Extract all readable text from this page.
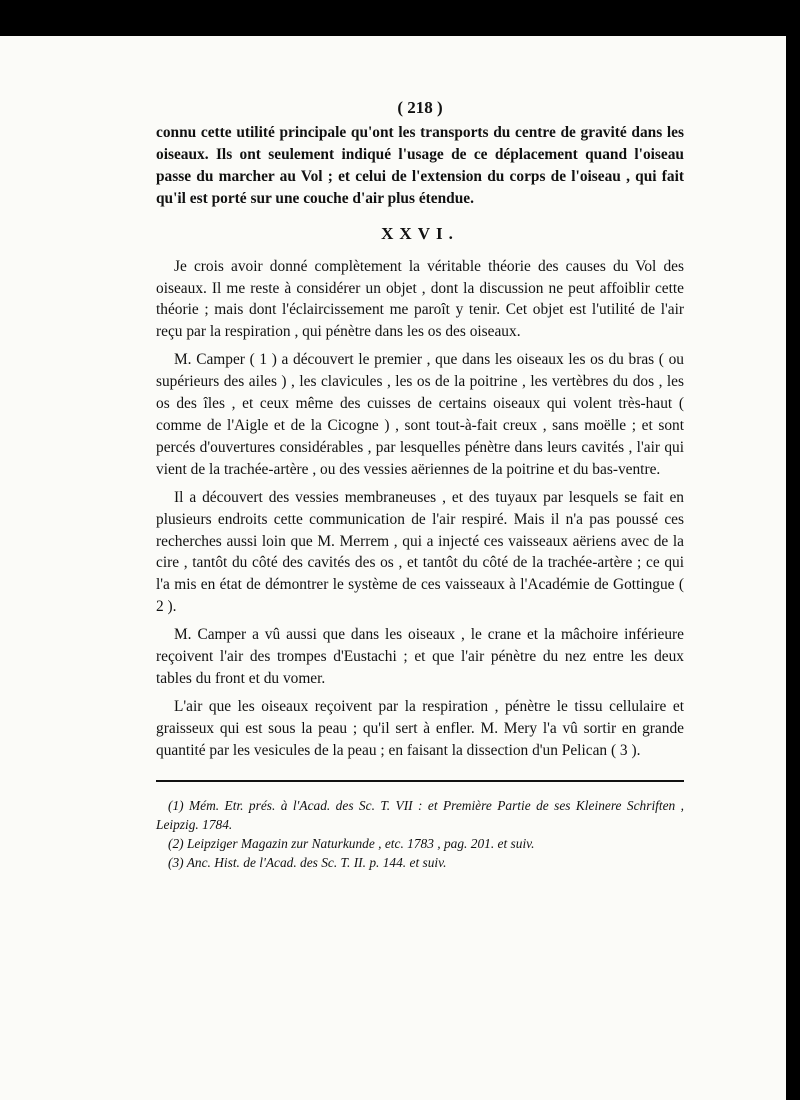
( 218 )

connu cette utilité principale qu'ont les transports du centre de gravité dans les oiseaux. Ils ont seulement indiqué l'usage de ce déplacement quand l'oiseau passe du marcher au Vol ; et celui de l'extension du corps de l'oiseau , qui fait qu'il est porté sur une couche d'air plus étendue.

XXVI.

Je crois avoir donné complètement la véritable théorie des causes du Vol des oiseaux. Il me reste à considérer un objet , dont la discussion ne peut affoiblir cette théorie ; mais dont l'éclaircissement me paroît y tenir. Cet objet est l'utilité de l'air reçu par la respiration , qui pénètre dans les os des oiseaux.

M. Camper ( 1 ) a découvert le premier , que dans les oiseaux les os du bras ( ou supérieurs des ailes ) , les clavicules , les os de la poitrine , les vertèbres du dos , les os des îles , et ceux même des cuisses de certains oiseaux qui volent très-haut ( comme de l'Aigle et de la Cicogne ) , sont tout-à-fait creux , sans moëlle ; et sont percés d'ouvertures considérables , par lesquelles pénètre dans leurs cavités , l'air qui vient de la trachée-artère , ou des vessies aëriennes de la poitrine et du bas-ventre.

Il a découvert des vessies membraneuses , et des tuyaux par lesquels se fait en plusieurs endroits cette communication de l'air respiré. Mais il n'a pas poussé ces recherches aussi loin que M. Merrem , qui a injecté ces vaisseaux aëriens avec de la cire , tantôt du côté des cavités des os , et tantôt du côté de la trachée-artère ; ce qui l'a mis en état de démontrer le système de ces vaisseaux à l'Académie de Gottingue ( 2 ).

M. Camper a vû aussi que dans les oiseaux , le crane et la mâchoire inférieure reçoivent l'air des trompes d'Eustachi ; et que l'air pénètre du nez entre les deux tables du front et du vomer.

L'air que les oiseaux reçoivent par la respiration , pénètre le tissu cellulaire et graisseux qui est sous la peau ; qu'il sert à enfler. M. Mery l'a vû sortir en grande quantité par les vesicules de la peau ; en faisant la dissection d'un Pelican ( 3 ).

(1) Mém. Etr. prés. à l'Acad. des Sc. T. VII : et Première Partie de ses Kleinere Schriften , Leipzig. 1784.

(2) Leipziger Magazin zur Naturkunde , etc. 1783 , pag. 201. et suiv.

(3) Anc. Hist. de l'Acad. des Sc. T. II. p. 144. et suiv.
